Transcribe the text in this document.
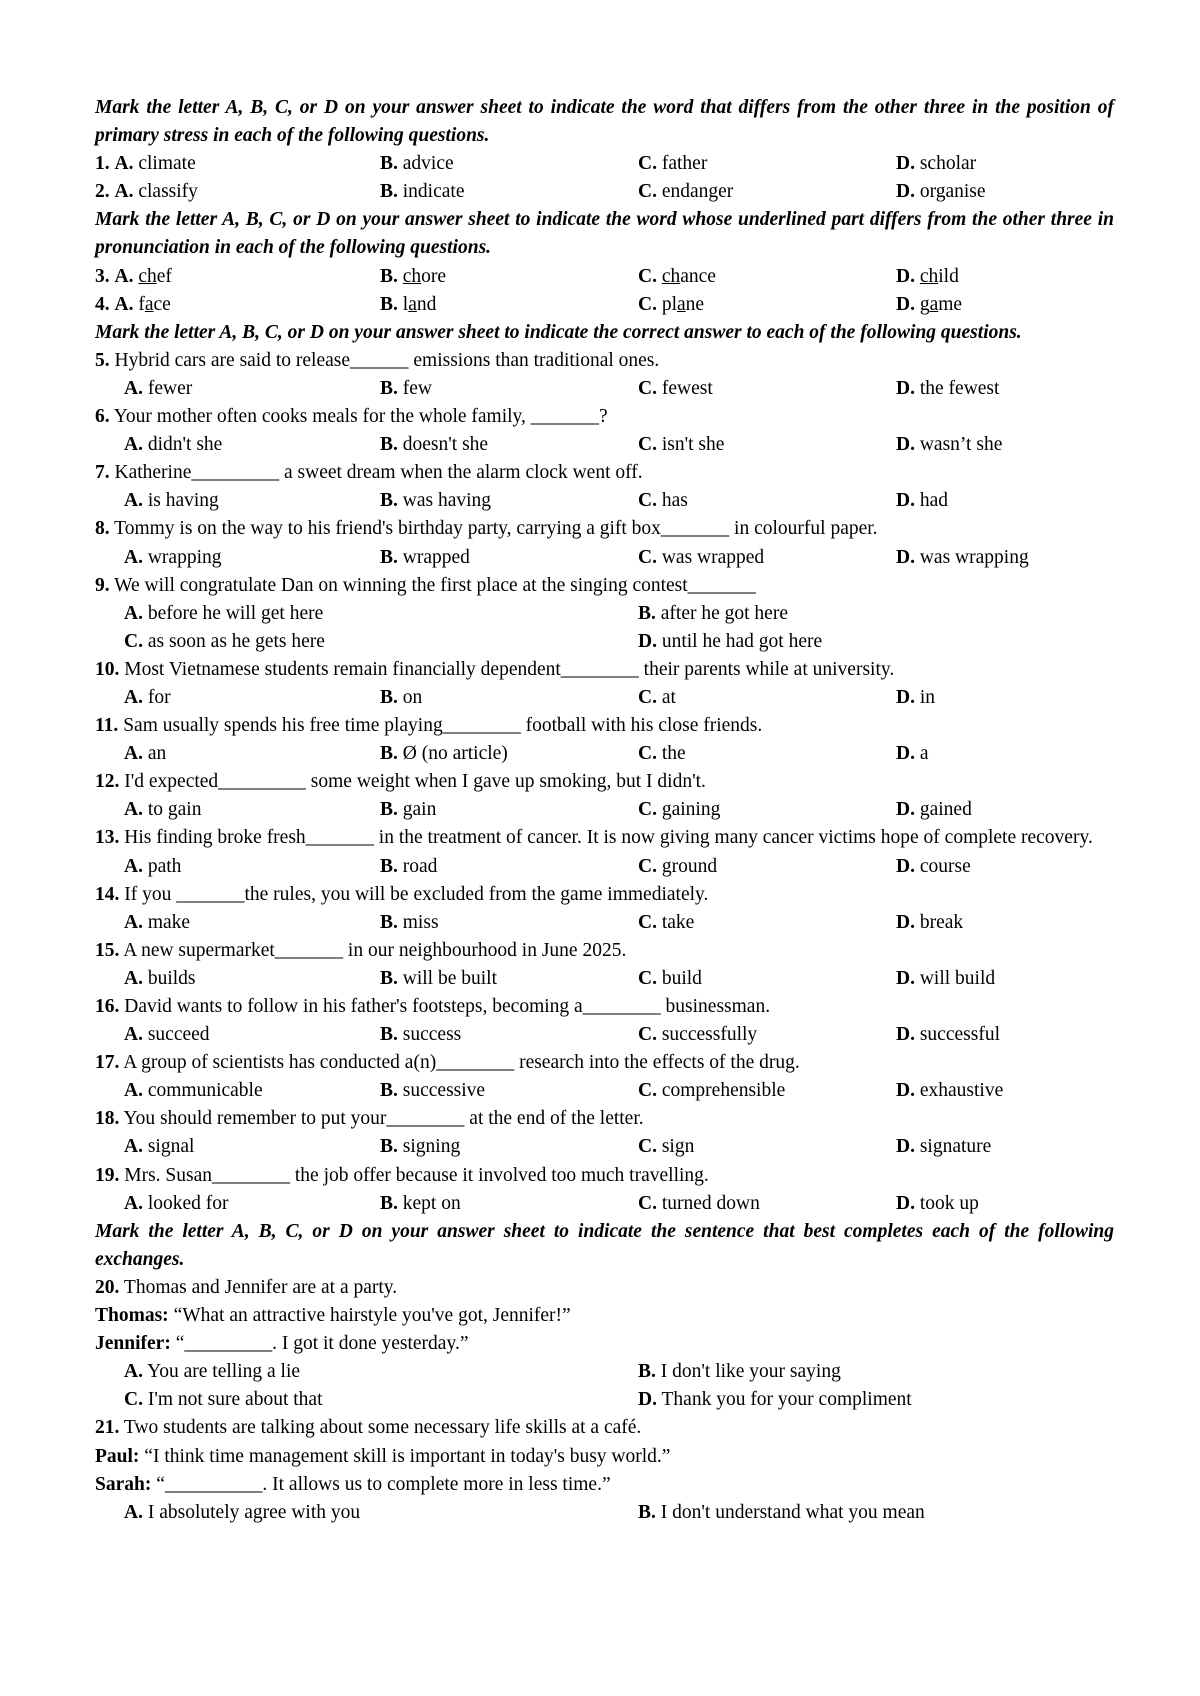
Mark the letter A, B, C, or D on your answer sheet to indicate the word that differs from the other three in the position of primary stress in each of the following questions.
1. A. climate	B. advice	C. father	D. scholar
2. A. classify	B. indicate	C. endanger	D. organise
Mark the letter A, B, C, or D on your answer sheet to indicate the word whose underlined part differs from the other three in pronunciation in each of the following questions.
3. A. chef	B. chore	C. chance	D. child
4. A. face	B. land	C. plane	D. game
Mark the letter A, B, C, or D on your answer sheet to indicate the correct answer to each of the following questions.
5. Hybrid cars are said to release______ emissions than traditional ones.
A. fewer	B. few	C. fewest	D. the fewest
6. Your mother often cooks meals for the whole family, _______?
A. didn't she	B. doesn't she	C. isn't she	D. wasn’t she
7. Katherine_________ a sweet dream when the alarm clock went off.
A. is having	B. was having	C. has	D. had
8. Tommy is on the way to his friend's birthday party, carrying a gift box_______ in colourful paper.
A. wrapping	B. wrapped	C. was wrapped	D. was wrapping
9. We will congratulate Dan on winning the first place at the singing contest_______
A. before he will get here	B. after he got here
C. as soon as he gets here	D. until he had got here
10. Most Vietnamese students remain financially dependent________ their parents while at university.
A. for	B. on	C. at	D. in
11. Sam usually spends his free time playing________ football with his close friends.
A. an	B. Ø (no article)	C. the	D. a
12. I'd expected_________ some weight when I gave up smoking, but I didn't.
A. to gain	B. gain	C. gaining	D. gained
13. His finding broke fresh_______ in the treatment of cancer. It is now giving many cancer victims hope of complete recovery.
A. path	B. road	C. ground	D. course
14. If you _______the rules, you will be excluded from the game immediately.
A. make	B. miss	C. take	D. break
15. A new supermarket_______ in our neighbourhood in June 2025.
A. builds	B. will be built	C. build	D. will build
16. David wants to follow in his father's footsteps, becoming a________ businessman.
A. succeed	B. success	C. successfully	D. successful
17. A group of scientists has conducted a(n)________ research into the effects of the drug.
A. communicable	B. successive	C. comprehensible	D. exhaustive
18. You should remember to put your________ at the end of the letter.
A. signal	B. signing	C. sign	D. signature
19. Mrs. Susan________ the job offer because it involved too much travelling.
A. looked for	B. kept on	C. turned down	D. took up
Mark the letter A, B, C, or D on your answer sheet to indicate the sentence that best completes each of the following exchanges.
20. Thomas and Jennifer are at a party.
Thomas: “What an attractive hairstyle you've got, Jennifer!”
Jennifer: “_________. I got it done yesterday.”
A. You are telling a lie	B. I don't like your saying
C. I'm not sure about that	D. Thank you for your compliment
21. Two students are talking about some necessary life skills at a café.
Paul: “I think time management skill is important in today's busy world.”
Sarah: “__________. It allows us to complete more in less time.”
A. I absolutely agree with you	B. I don't understand what you mean
